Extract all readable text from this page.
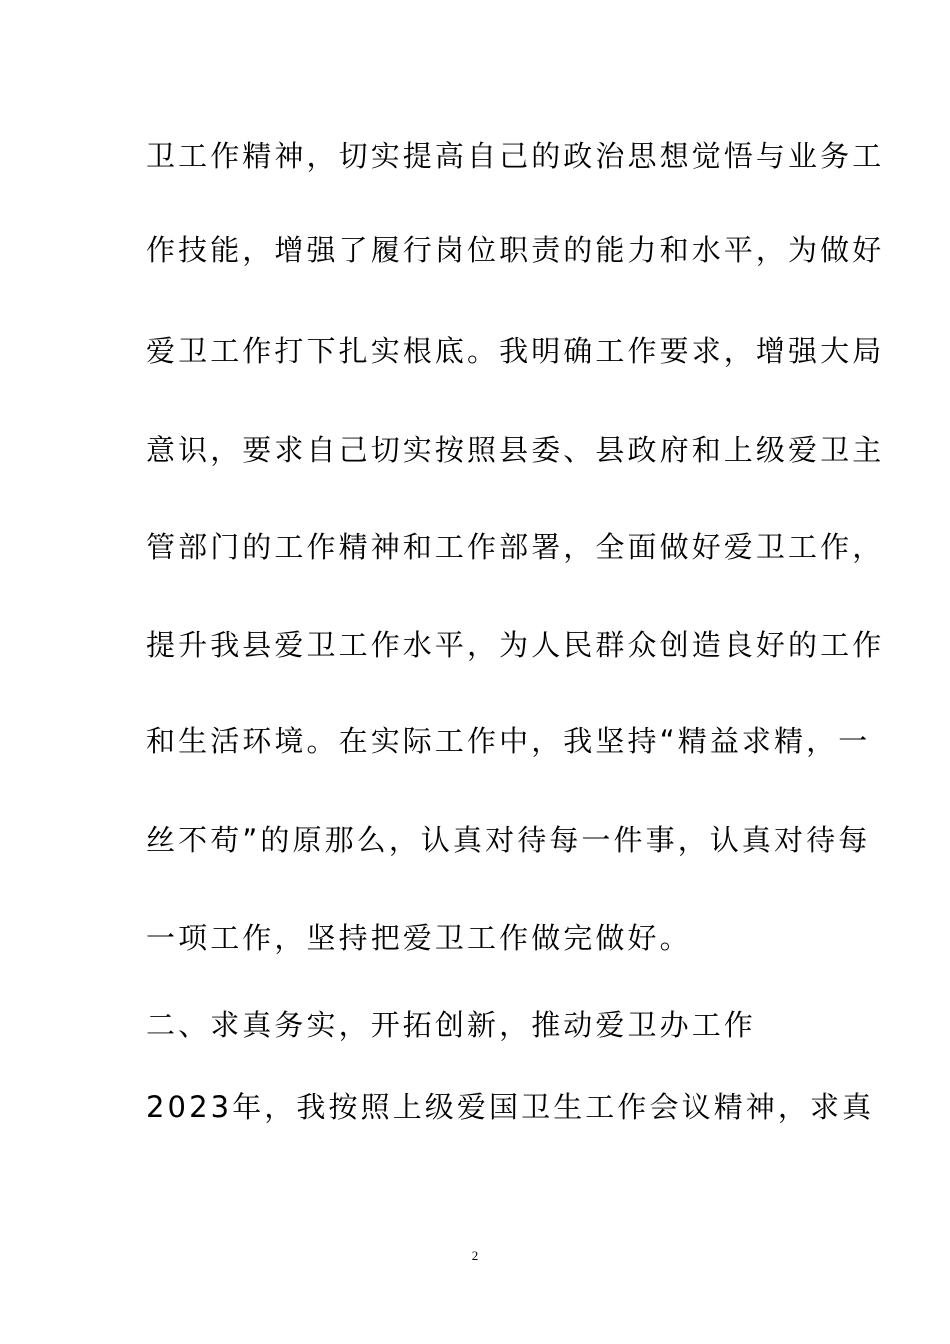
卫工作精神，切实提高自己的政治思想觉悟与业务工
作技能，增强了履行岗位职责的能力和水平，为做好
爱卫工作打下扎实根底。我明确工作要求，增强大局
意识，要求自己切实按照县委、县政府和上级爱卫主
管部门的工作精神和工作部署，全面做好爱卫工作，
提升我县爱卫工作水平，为人民群众创造良好的工作
和生活环境。在实际工作中，我坚持“精益求精，一
丝不苟”的原那么，认真对待每一件事，认真对待每
一项工作，坚持把爱卫工作做完做好。
二、求真务实，开拓创新，推动爱卫办工作
2023年，我按照上级爱国卫生工作会议精神，求真
2
